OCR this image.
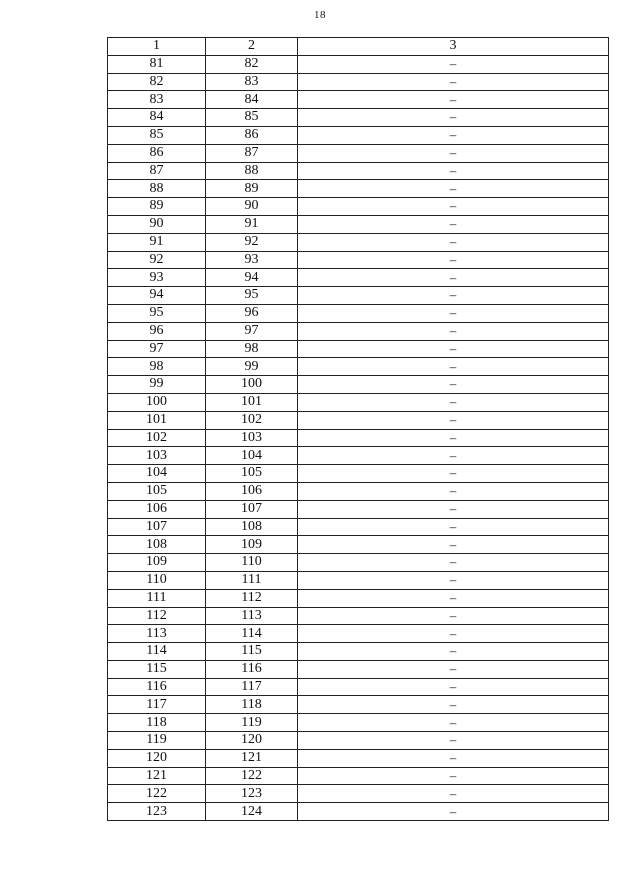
18
1	2	3
81	82	–
82	83	–
83	84	–
84	85	–
85	86	–
86	87	–
87	88	–
88	89	–
89	90	–
90	91	–
91	92	–
92	93	–
93	94	–
94	95	–
95	96	–
96	97	–
97	98	–
98	99	–
99	100	–
100	101	–
101	102	–
102	103	–
103	104	–
104	105	–
105	106	–
106	107	–
107	108	–
108	109	–
109	110	–
110	111	–
111	112	–
112	113	–
113	114	–
114	115	–
115	116	–
116	117	–
117	118	–
118	119	–
119	120	–
120	121	–
121	122	–
122	123	–
123	124	–
